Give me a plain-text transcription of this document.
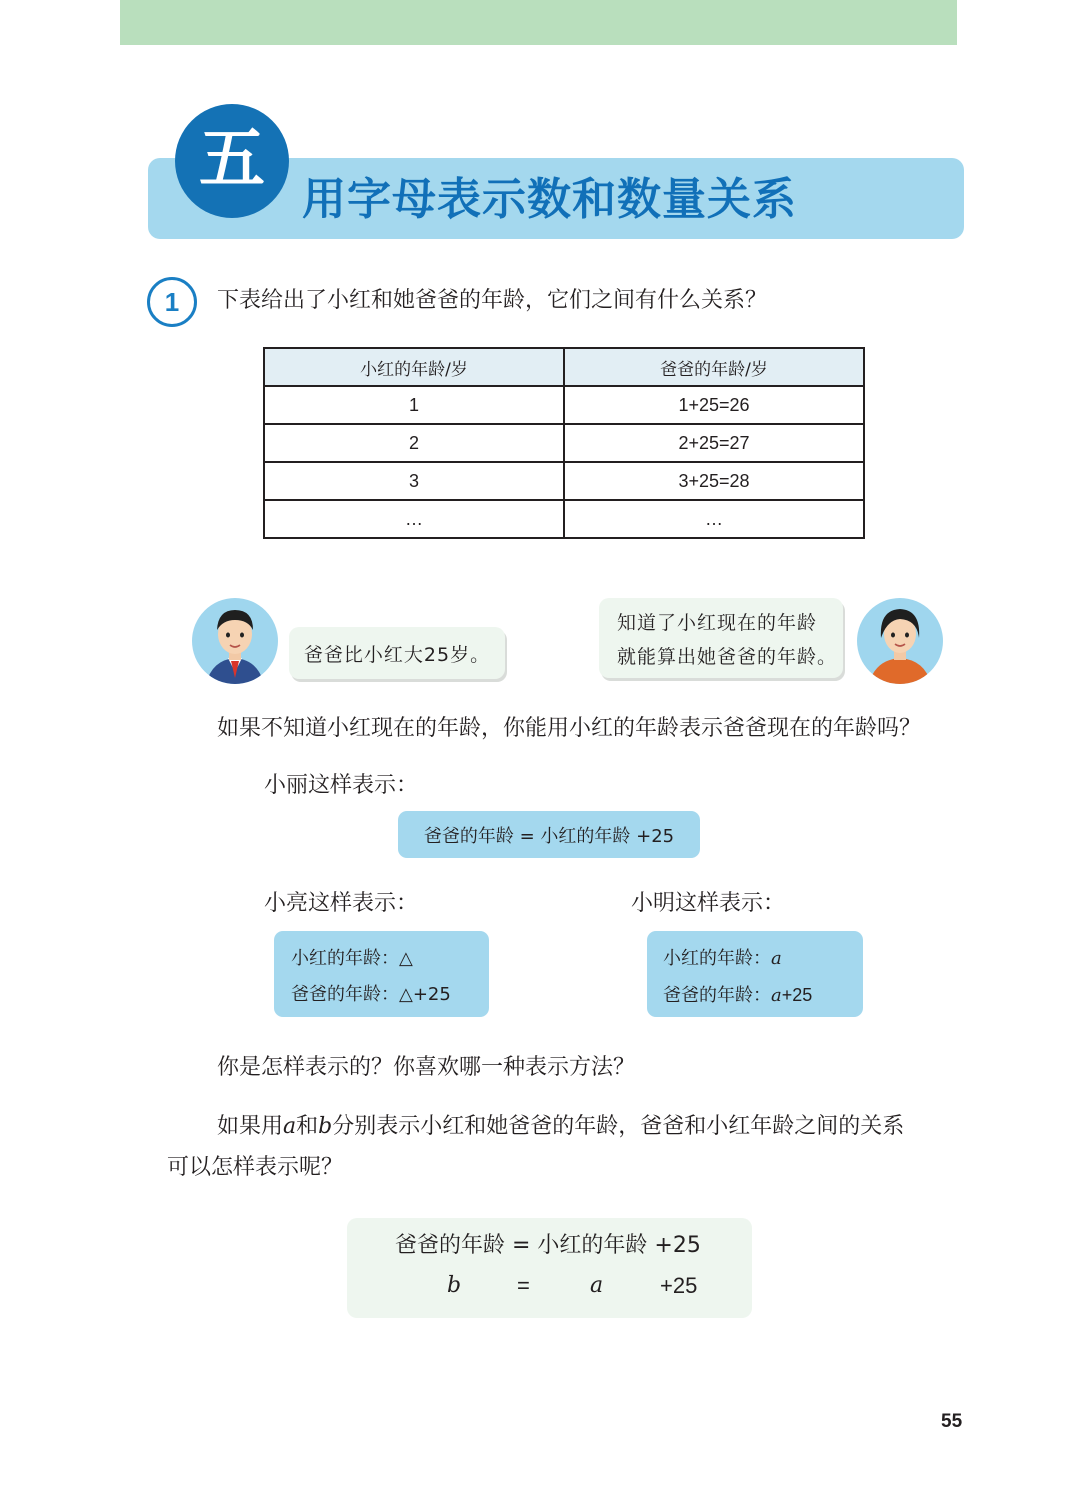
五
用字母表示数和数量关系
1	下表给出了小红和她爸爸的年龄，它们之间有什么关系？
小红的年龄/岁	爸爸的年龄/岁
1	1+25=26
2	2+25=27
3	3+25=28
…	…
爸爸比小红大25岁。
知道了小红现在的年龄
就能算出她爸爸的年龄。
如果不知道小红现在的年龄，你能用小红的年龄表示爸爸现在的年龄吗？
小丽这样表示：
爸爸的年龄 = 小红的年龄 +25
小亮这样表示：	小明这样表示：
小红的年龄：△
爸爸的年龄：△+25
小红的年龄：a
爸爸的年龄：a+25
你是怎样表示的？你喜欢哪一种表示方法？
如果用a和b分别表示小红和她爸爸的年龄，爸爸和小红年龄之间的关系
可以怎样表示呢？
爸爸的年龄 = 小红的年龄 +25
b	=	a	+25
55
